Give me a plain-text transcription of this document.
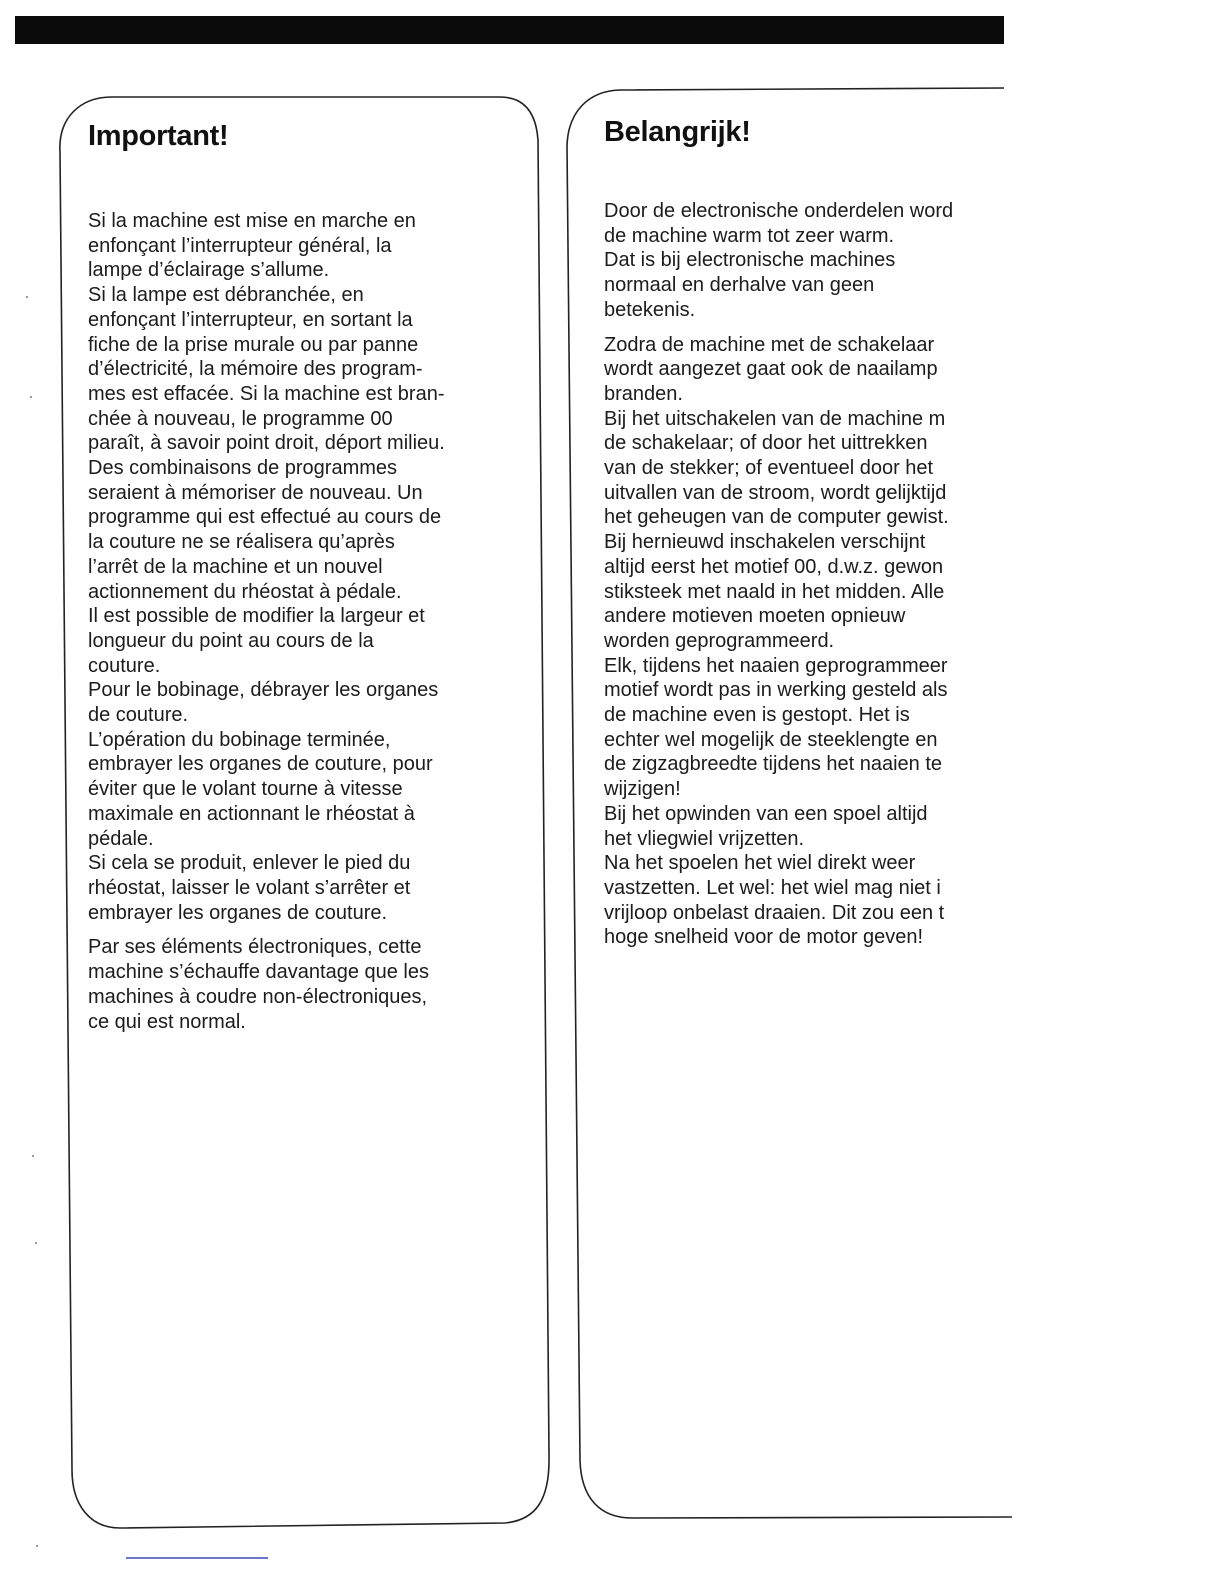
Important!

Si la machine est mise en marche en
enfonçant l’interrupteur général, la
lampe d’éclairage s’allume.
Si la lampe est débranchée, en
enfonçant l’interrupteur, en sortant la
fiche de la prise murale ou par panne
d’électricité, la mémoire des program-
mes est effacée. Si la machine est bran-
chée à nouveau, le programme 00
paraît, à savoir point droit, déport milieu.
Des combinaisons de programmes
seraient à mémoriser de nouveau. Un
programme qui est effectué au cours de
la couture ne se réalisera qu’après
l’arrêt de la machine et un nouvel
actionnement du rhéostat à pédale.
Il est possible de modifier la largeur et
longueur du point au cours de la
couture.
Pour le bobinage, débrayer les organes
de couture.
L’opération du bobinage terminée,
embrayer les organes de couture, pour
éviter que le volant tourne à vitesse
maximale en actionnant le rhéostat à
pédale.
Si cela se produit, enlever le pied du
rhéostat, laisser le volant s’arrêter et
embrayer les organes de couture.

Par ses éléments électroniques, cette
machine s’échauffe davantage que les
machines à coudre non-électroniques,
ce qui est normal.

Belangrijk!

Door de electronische onderdelen word
de machine warm tot zeer warm.
Dat is bij electronische machines
normaal en derhalve van geen
betekenis.

Zodra de machine met de schakelaar
wordt aangezet gaat ook de naailamp
branden.
Bij het uitschakelen van de machine m
de schakelaar; of door het uittrekken
van de stekker; of eventueel door het
uitvallen van de stroom, wordt gelijktijd
het geheugen van de computer gewist.
Bij hernieuwd inschakelen verschijnt
altijd eerst het motief 00, d.w.z. gewon
stiksteek met naald in het midden. Alle
andere motieven moeten opnieuw
worden geprogrammeerd.
Elk, tijdens het naaien geprogrammeer
motief wordt pas in werking gesteld als
de machine even is gestopt. Het is
echter wel mogelijk de steeklengte en
de zigzagbreedte tijdens het naaien te
wijzigen!
Bij het opwinden van een spoel altijd
het vliegwiel vrijzetten.
Na het spoelen het wiel direkt weer
vastzetten. Let wel: het wiel mag niet i
vrijloop onbelast draaien. Dit zou een t
hoge snelheid voor de motor geven!
